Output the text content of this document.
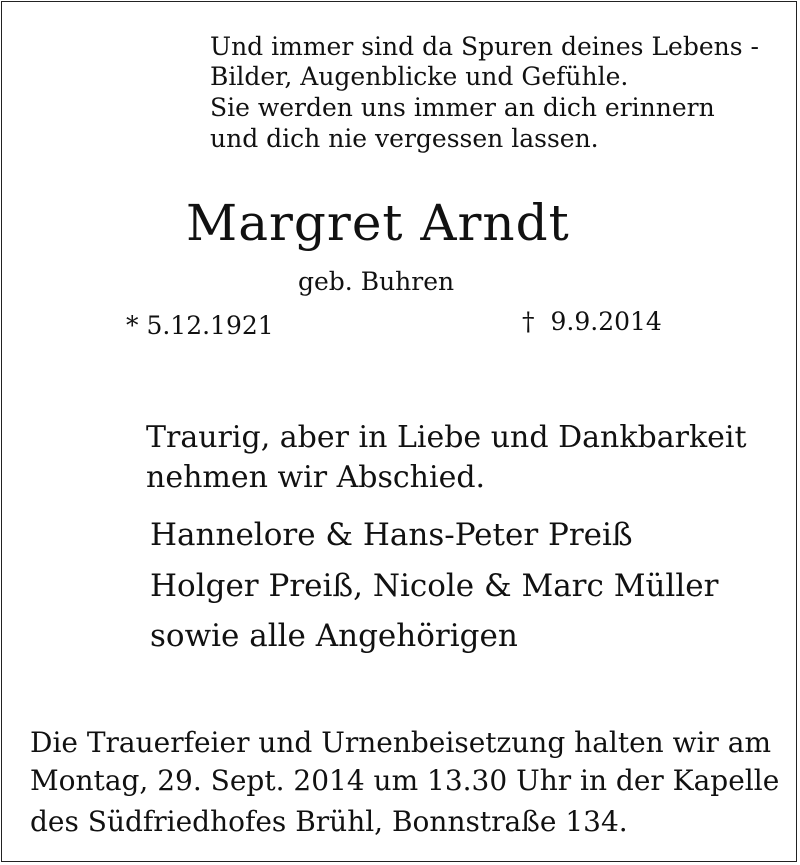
Und immer sind da Spuren deines Lebens -
Bilder, Augenblicke und Gefühle.
Sie werden uns immer an dich erinnern
und dich nie vergessen lassen.
Margret Arndt
geb. Buhren
* 5.12.1921	† 9.9.2014
Traurig, aber in Liebe und Dankbarkeit
nehmen wir Abschied.
Hannelore & Hans-Peter Preiß
Holger Preiß, Nicole & Marc Müller
sowie alle Angehörigen
Die Trauerfeier und Urnenbeisetzung halten wir am
Montag, 29. Sept. 2014 um 13.30 Uhr in der Kapelle
des Südfriedhofes Brühl, Bonnstraße 134.
